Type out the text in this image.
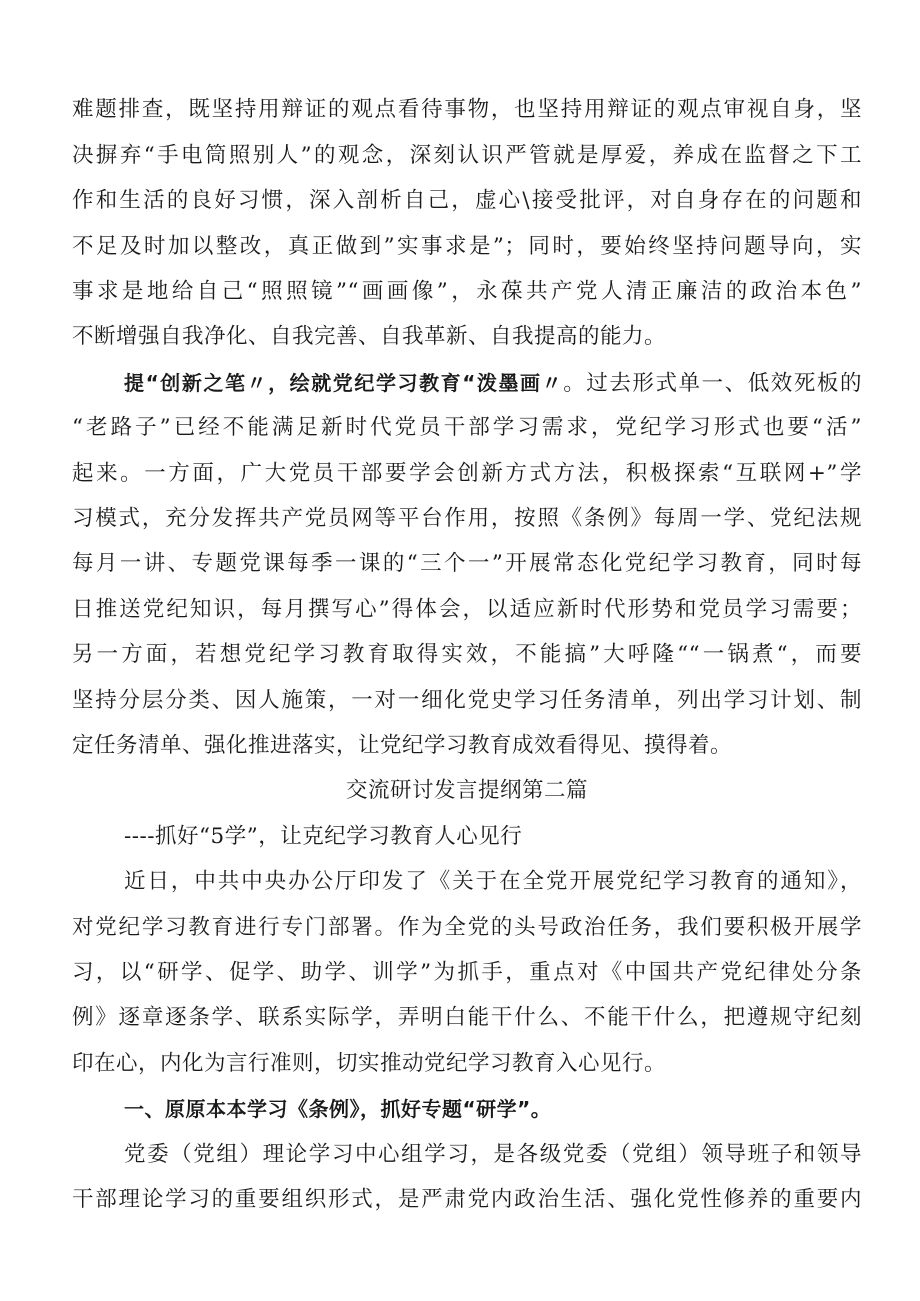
难题排查，既坚持用辩证的观点看待事物，也坚持用辩证的观点审视自身，坚
决摒弃“手电筒照别人”的观念，深刻认识严管就是厚爱，养成在监督之下工
作和生活的良好习惯，深入剖析自己，虚心\接受批评，对自身存在的问题和
不足及时加以整改，真正做到”实事求是”；同时，要始终坚持问题导向，实
事求是地给自己“照照镜”“画画像”，永葆共产党人清正廉洁的政治本色”
不断增强自我净化、自我完善、自我革新、自我提高的能力。
提“创新之笔〃，绘就党纪学习教育“泼墨画〃。过去形式单一、低效死板的
“老路子”已经不能满足新时代党员干部学习需求，党纪学习形式也要“活”
起来。一方面，广大党员干部要学会创新方式方法，积极探索“互联网+”学
习模式，充分发挥共产党员网等平台作用，按照《条例》每周一学、党纪法规
每月一讲、专题党课每季一课的“三个一”开展常态化党纪学习教育，同时每
日推送党纪知识，每月撰写心”得体会，以适应新时代形势和党员学习需要；
另一方面，若想党纪学习教育取得实效，不能搞”大呼隆““一锅煮“，而要
坚持分层分类、因人施策，一对一细化党史学习任务清单，列出学习计划、制
定任务清单、强化推进落实，让党纪学习教育成效看得见、摸得着。
交流研讨发言提纲第二篇
----抓好“5学”，让克纪学习教育人心见行
近日，中共中央办公厅印发了《关于在全党开展党纪学习教育的通知》，
对党纪学习教育进行专门部署。作为全党的头号政治任务，我们要积极开展学
习，以“研学、促学、助学、训学”为抓手，重点对《中国共产党纪律处分条
例》逐章逐条学、联系实际学，弄明白能干什么、不能干什么，把遵规守纪刻
印在心，内化为言行准则，切实推动党纪学习教育入心见行。
一、原原本本学习《条例》，抓好专题“研学”。
党委（党组）理论学习中心组学习，是各级党委（党组）领导班子和领导
干部理论学习的重要组织形式，是严肃党内政治生活、强化党性修养的重要内
